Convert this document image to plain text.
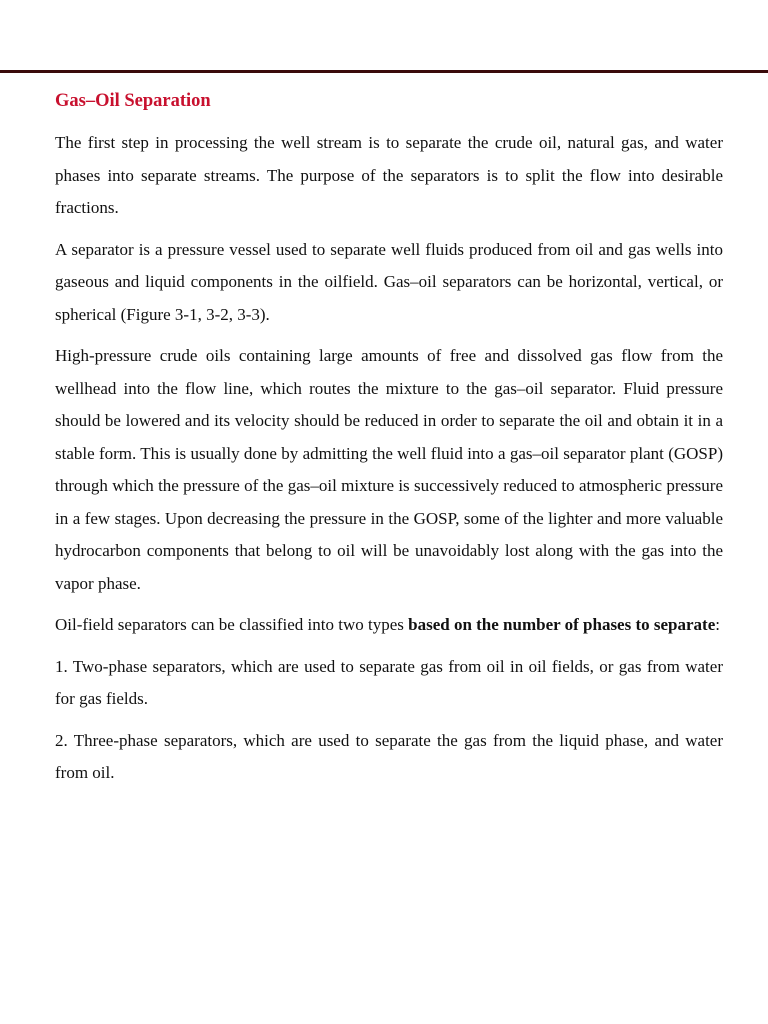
Gas–Oil Separation

The first step in processing the well stream is to separate the crude oil, natural gas, and water phases into separate streams. The purpose of the separators is to split the flow into desirable fractions.

A separator is a pressure vessel used to separate well fluids produced from oil and gas wells into gaseous and liquid components in the oilfield. Gas–oil separators can be horizontal, vertical, or spherical (Figure 3-1, 3-2, 3-3).

High-pressure crude oils containing large amounts of free and dissolved gas flow from the wellhead into the flow line, which routes the mixture to the gas–oil separator. Fluid pressure should be lowered and its velocity should be reduced in order to separate the oil and obtain it in a stable form. This is usually done by admitting the well fluid into a gas–oil separator plant (GOSP) through which the pressure of the gas–oil mixture is successively reduced to atmospheric pressure in a few stages. Upon decreasing the pressure in the GOSP, some of the lighter and more valuable hydrocarbon components that belong to oil will be unavoidably lost along with the gas into the vapor phase.

Oil-field separators can be classified into two types based on the number of phases to separate:

1. Two-phase separators, which are used to separate gas from oil in oil fields, or gas from water for gas fields.

2. Three-phase separators, which are used to separate the gas from the liquid phase, and water from oil.
